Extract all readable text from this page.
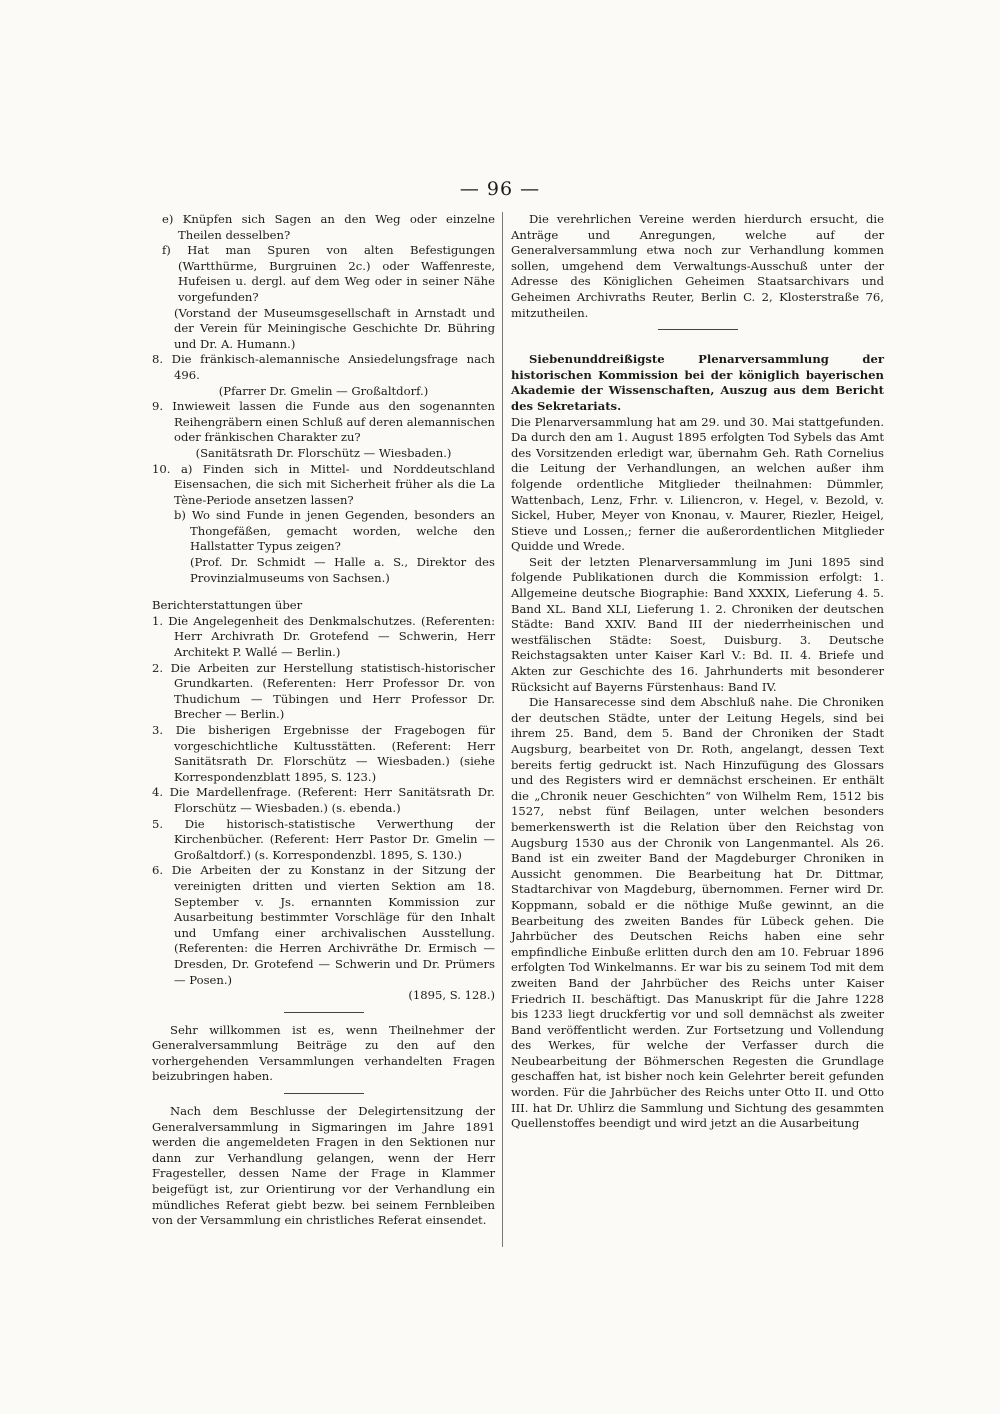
— 96 —

e) Knüpfen sich Sagen an den Weg oder einzelne Theilen desselben?

f) Hat man Spuren von alten Befestigungen (Wartthürme, Burgruinen 2c.) oder Waffenreste, Hufeisen u. dergl. auf dem Weg oder in seiner Nähe vorgefunden?

(Vorstand der Museumsgesellschaft in Arnstadt und der Verein für Meiningische Geschichte Dr. Bühring und Dr. A. Humann.)

8. Die fränkisch-alemannische Ansiedelungsfrage nach 496.

(Pfarrer Dr. Gmelin — Großaltdorf.)

9. Inwieweit lassen die Funde aus den sogenannten Reihengräbern einen Schluß auf deren alemannischen oder fränkischen Charakter zu?

(Sanitätsrath Dr. Florschütz — Wiesbaden.)

10. a) Finden sich in Mittel- und Norddeutschland Eisensachen, die sich mit Sicherheit früher als die La Tène-Periode ansetzen lassen?

b) Wo sind Funde in jenen Gegenden, besonders an Thongefäßen, gemacht worden, welche den Hallstatter Typus zeigen?

(Prof. Dr. Schmidt — Halle a. S., Direktor des Provinzialmuseums von Sachsen.)

Berichterstattungen über

1. Die Angelegenheit des Denkmalschutzes. (Referenten: Herr Archivrath Dr. Grotefend — Schwerin, Herr Architekt P. Wallé — Berlin.)

2. Die Arbeiten zur Herstellung statistisch-historischer Grundkarten. (Referenten: Herr Professor Dr. von Thudichum — Tübingen und Herr Professor Dr. Brecher — Berlin.)

3. Die bisherigen Ergebnisse der Fragebogen für vorgeschichtliche Kultusstätten. (Referent: Herr Sanitätsrath Dr. Florschütz — Wiesbaden.) (siehe Korrespondenzblatt 1895, S. 123.)

4. Die Mardellenfrage. (Referent: Herr Sanitätsrath Dr. Florschütz — Wiesbaden.) (s. ebenda.)

5. Die historisch-statistische Verwerthung der Kirchenbücher. (Referent: Herr Pastor Dr. Gmelin — Großaltdorf.) (s. Korrespondenzbl. 1895, S. 130.)

6. Die Arbeiten der zu Konstanz in der Sitzung der vereinigten dritten und vierten Sektion am 18. September v. Js. ernannten Kommission zur Ausarbeitung bestimmter Vorschläge für den Inhalt und Umfang einer archivalischen Ausstellung. (Referenten: die Herren Archivräthe Dr. Ermisch — Dresden, Dr. Grotefend — Schwerin und Dr. Prümers — Posen.)

(1895, S. 128.)

Sehr willkommen ist es, wenn Theilnehmer der Generalversammlung Beiträge zu den auf den vorhergehenden Versammlungen verhandelten Fragen beizubringen haben.

Nach dem Beschlusse der Delegirtensitzung der Generalversammlung in Sigmaringen im Jahre 1891 werden die angemeldeten Fragen in den Sektionen nur dann zur Verhandlung gelangen, wenn der Herr Fragesteller, dessen Name der Frage in Klammer beigefügt ist, zur Orientirung vor der Verhandlung ein mündliches Referat giebt bezw. bei seinem Fernbleiben von der Versammlung ein christliches Referat einsendet.

Die verehrlichen Vereine werden hierdurch ersucht, die Anträge und Anregungen, welche auf der Generalversammlung etwa noch zur Verhandlung kommen sollen, umgehend dem Verwaltungs-Ausschuß unter der Adresse des Königlichen Geheimen Staatsarchivars und Geheimen Archivraths Reuter, Berlin C. 2, Klosterstraße 76, mitzutheilen.

Siebenunddreißigste Plenarversammlung der historischen Kommission bei der königlich bayerischen Akademie der Wissenschaften, Auszug aus dem Bericht des Sekretariats.

Die Plenarversammlung hat am 29. und 30. Mai stattgefunden. Da durch den am 1. August 1895 erfolgten Tod Sybels das Amt des Vorsitzenden erledigt war, übernahm Geh. Rath Cornelius die Leitung der Verhandlungen, an welchen außer ihm folgende ordentliche Mitglieder theilnahmen: Dümmler, Wattenbach, Lenz, Frhr. v. Liliencron, v. Hegel, v. Bezold, v. Sickel, Huber, Meyer von Knonau, v. Maurer, Riezler, Heigel, Stieve und Lossen,; ferner die außerordentlichen Mitglieder Quidde und Wrede.

Seit der letzten Plenarversammlung im Juni 1895 sind folgende Publikationen durch die Kommission erfolgt: 1. Allgemeine deutsche Biographie: Band XXXIX, Lieferung 4. 5. Band XL. Band XLI, Lieferung 1. 2. Chroniken der deutschen Städte: Band XXIV. Band III der niederrheinischen und westfälischen Städte: Soest, Duisburg. 3. Deutsche Reichstagsakten unter Kaiser Karl V.: Bd. II. 4. Briefe und Akten zur Geschichte des 16. Jahrhunderts mit besonderer Rücksicht auf Bayerns Fürstenhaus: Band IV.

Die Hansarecesse sind dem Abschluß nahe. Die Chroniken der deutschen Städte, unter der Leitung Hegels, sind bei ihrem 25. Band, dem 5. Band der Chroniken der Stadt Augsburg, bearbeitet von Dr. Roth, angelangt, dessen Text bereits fertig gedruckt ist. Nach Hinzufügung des Glossars und des Registers wird er demnächst erscheinen. Er enthält die „Chronik neuer Geschichten“ von Wilhelm Rem, 1512 bis 1527, nebst fünf Beilagen, unter welchen besonders bemerkenswerth ist die Relation über den Reichstag von Augsburg 1530 aus der Chronik von Langenmantel. Als 26. Band ist ein zweiter Band der Magdeburger Chroniken in Aussicht genommen. Die Bearbeitung hat Dr. Dittmar, Stadtarchivar von Magdeburg, übernommen. Ferner wird Dr. Koppmann, sobald er die nöthige Muße gewinnt, an die Bearbeitung des zweiten Bandes für Lübeck gehen. Die Jahrbücher des Deutschen Reichs haben eine sehr empfindliche Einbuße erlitten durch den am 10. Februar 1896 erfolgten Tod Winkelmanns. Er war bis zu seinem Tod mit dem zweiten Band der Jahrbücher des Reichs unter Kaiser Friedrich II. beschäftigt. Das Manuskript für die Jahre 1228 bis 1233 liegt druckfertig vor und soll demnächst als zweiter Band veröffentlicht werden. Zur Fortsetzung und Vollendung des Werkes, für welche der Verfasser durch die Neubearbeitung der Böhmerschen Regesten die Grundlage geschaffen hat, ist bisher noch kein Gelehrter bereit gefunden worden. Für die Jahrbücher des Reichs unter Otto II. und Otto III. hat Dr. Uhlirz die Sammlung und Sichtung des gesammten Quellenstoffes beendigt und wird jetzt an die Ausarbeitung
